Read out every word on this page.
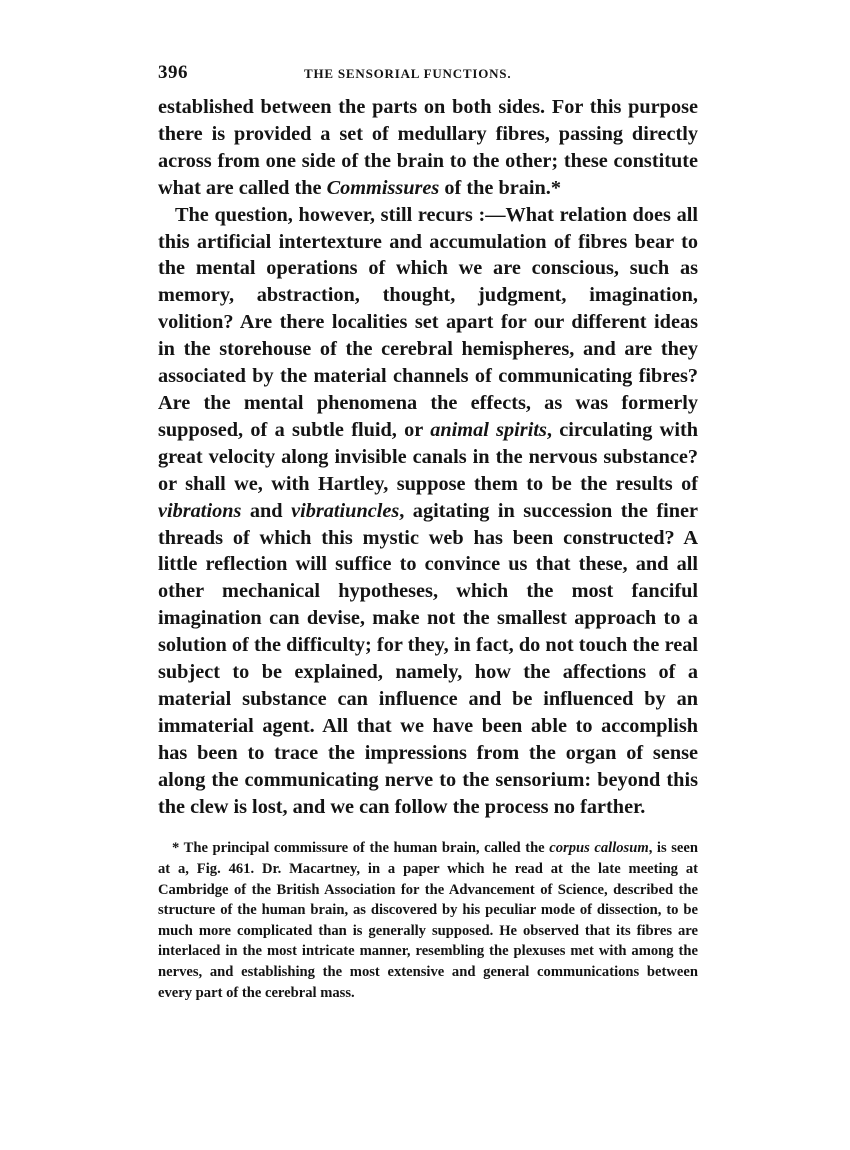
396	THE SENSORIAL FUNCTIONS.

established between the parts on both sides. For this purpose there is provided a set of medullary fibres, passing directly across from one side of the brain to the other; these constitute what are called the Commissures of the brain.*

The question, however, still recurs :—What relation does all this artificial intertexture and accumulation of fibres bear to the mental operations of which we are conscious, such as memory, abstraction, thought, judgment, imagination, volition? Are there localities set apart for our different ideas in the storehouse of the cerebral hemispheres, and are they associated by the material channels of communicating fibres? Are the mental phenomena the effects, as was formerly supposed, of a subtle fluid, or animal spirits, circulating with great velocity along invisible canals in the nervous substance? or shall we, with Hartley, suppose them to be the results of vibrations and vibratiuncles, agitating in succession the finer threads of which this mystic web has been constructed? A little reflection will suffice to convince us that these, and all other mechanical hypotheses, which the most fanciful imagination can devise, make not the smallest approach to a solution of the difficulty; for they, in fact, do not touch the real subject to be explained, namely, how the affections of a material substance can influence and be influenced by an immaterial agent. All that we have been able to accomplish has been to trace the impressions from the organ of sense along the communicating nerve to the sensorium: beyond this the clew is lost, and we can follow the process no farther.

* The principal commissure of the human brain, called the corpus callosum, is seen at a, Fig. 461. Dr. Macartney, in a paper which he read at the late meeting at Cambridge of the British Association for the Advancement of Science, described the structure of the human brain, as discovered by his peculiar mode of dissection, to be much more complicated than is generally supposed. He observed that its fibres are interlaced in the most intricate manner, resembling the plexuses met with among the nerves, and establishing the most extensive and general communications between every part of the cerebral mass.
